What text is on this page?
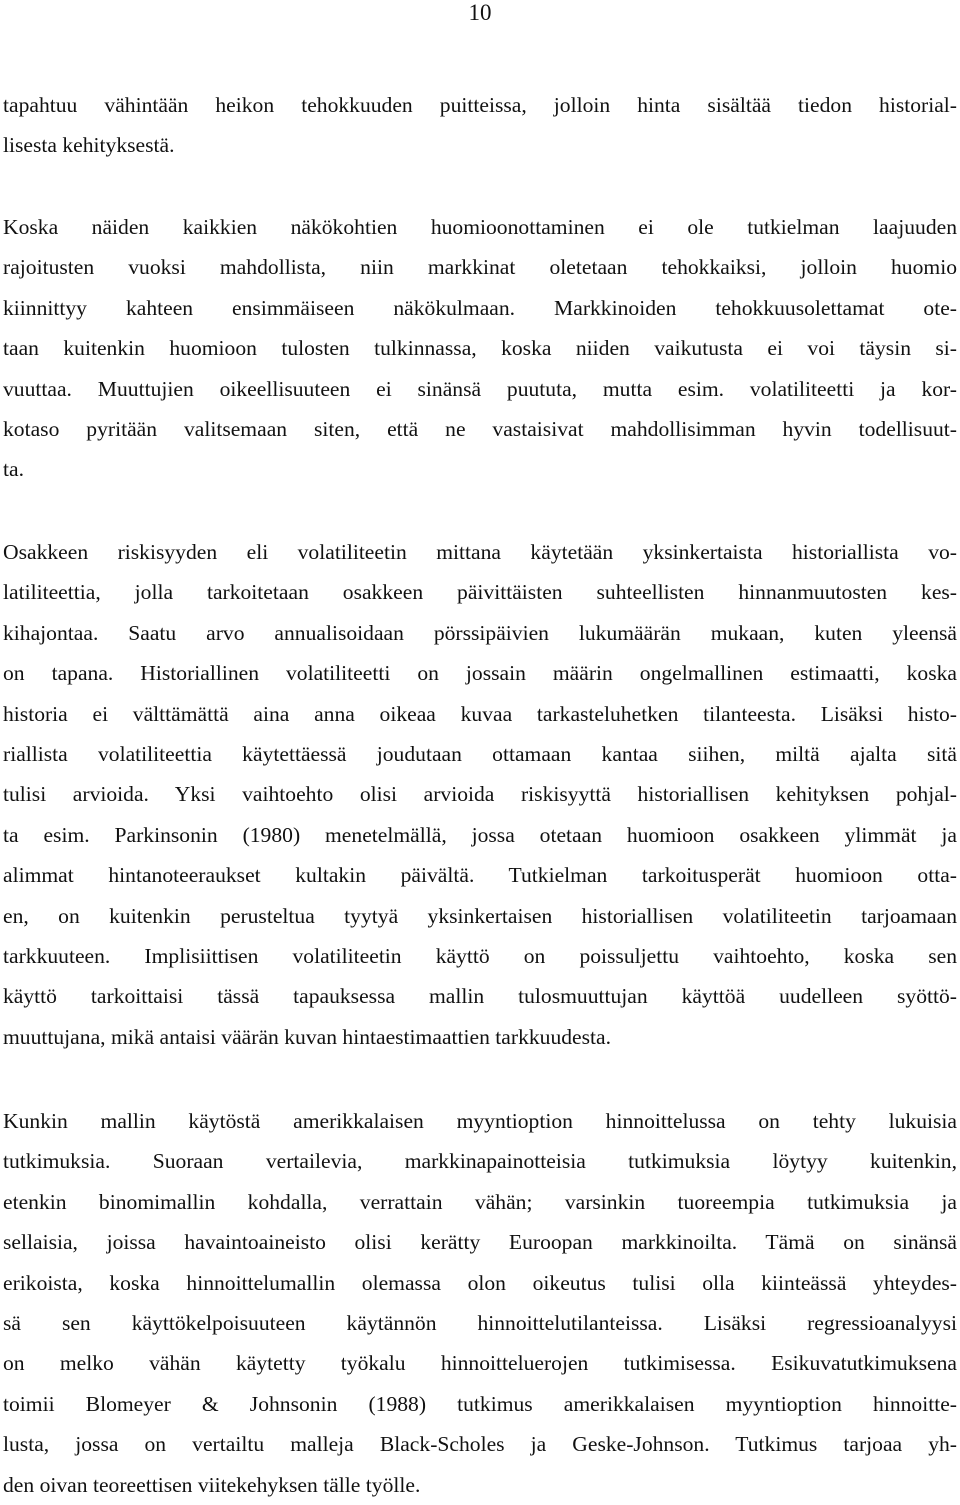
10

tapahtuu vähintään heikon tehokkuuden puitteissa, jolloin hinta sisältää tiedon historial-
lisesta kehityksestä.

Koska näiden kaikkien näkökohtien huomioonottaminen ei ole tutkielman laajuuden
rajoitusten vuoksi mahdollista, niin markkinat oletetaan tehokkaiksi, jolloin huomio
kiinnittyy kahteen ensimmäiseen näkökulmaan. Markkinoiden tehokkuusolettamat ote-
taan kuitenkin huomioon tulosten tulkinnassa, koska niiden vaikutusta ei voi täysin si-
vuuttaa. Muuttujien oikeellisuuteen ei sinänsä puututa, mutta esim. volatiliteetti ja kor-
kotaso pyritään valitsemaan siten, että ne vastaisivat mahdollisimman hyvin todellisuut-
ta.

Osakkeen riskisyyden eli volatiliteetin mittana käytetään yksinkertaista historiallista vo-
latiliteettia, jolla tarkoitetaan osakkeen päivittäisten suhteellisten hinnanmuutosten kes-
kihajontaa. Saatu arvo annualisoidaan pörssipäivien lukumäärän mukaan, kuten yleensä
on tapana. Historiallinen volatiliteetti on jossain määrin ongelmallinen estimaatti, koska
historia ei välttämättä aina anna oikeaa kuvaa tarkasteluhetken tilanteesta. Lisäksi histo-
riallista volatiliteettia käytettäessä joudutaan ottamaan kantaa siihen, miltä ajalta sitä
tulisi arvioida. Yksi vaihtoehto olisi arvioida riskisyyttä historiallisen kehityksen pohjal-
ta esim. Parkinsonin (1980) menetelmällä, jossa otetaan huomioon osakkeen ylimmät ja
alimmat hintanoteeraukset kultakin päivältä. Tutkielman tarkoitusperät huomioon otta-
en, on kuitenkin perusteltua tyytyä yksinkertaisen historiallisen volatiliteetin tarjoamaan
tarkkuuteen. Implisiittisen volatiliteetin käyttö on poissuljettu vaihtoehto, koska sen
käyttö tarkoittaisi tässä tapauksessa mallin tulosmuuttujan käyttöä uudelleen syöttö-
muuttujana, mikä antaisi väärän kuvan hintaestimaattien tarkkuudesta.

Kunkin mallin käytöstä amerikkalaisen myyntioption hinnoittelussa on tehty lukuisia
tutkimuksia. Suoraan vertailevia, markkinapainotteisia tutkimuksia löytyy kuitenkin,
etenkin binomimallin kohdalla, verrattain vähän; varsinkin tuoreempia tutkimuksia ja
sellaisia, joissa havaintoaineisto olisi kerätty Euroopan markkinoilta. Tämä on sinänsä
erikoista, koska hinnoittelumallin olemassa olon oikeutus tulisi olla kiinteässä yhteydes-
sä sen käyttökelpoisuuteen käytännön hinnoittelutilanteissa. Lisäksi regressioanalyysi
on melko vähän käytetty työkalu hinnoitteluerojen tutkimisessa. Esikuvatutkimuksena
toimii Blomeyer & Johnsonin (1988) tutkimus amerikkalaisen myyntioption hinnoitte-
lusta, jossa on vertailtu malleja Black-Scholes ja Geske-Johnson. Tutkimus tarjoaa yh-
den oivan teoreettisen viitekehyksen tälle työlle.
